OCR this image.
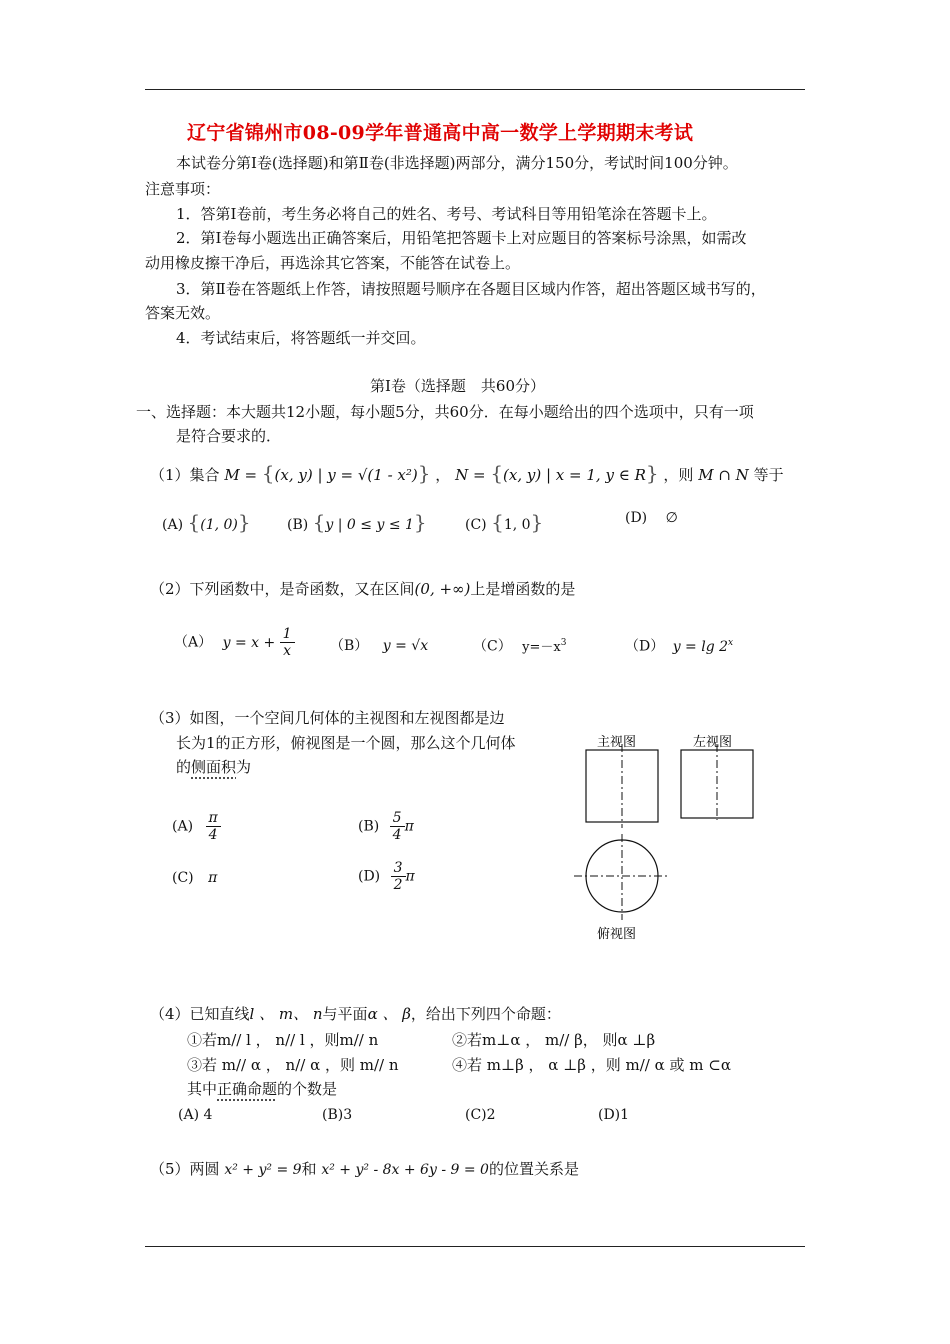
辽宁省锦州市08-09学年普通高中高一数学上学期期末考试
本试卷分第Ⅰ卷(选择题)和第Ⅱ卷(非选择题)两部分，满分150分，考试时间100分钟。
注意事项：
1．答第Ⅰ卷前，考生务必将自己的姓名、考号、考试科目等用铅笔涂在答题卡上。
2．第Ⅰ卷每小题选出正确答案后，用铅笔把答题卡上对应题目的答案标号涂黑，如需改
动用橡皮擦干净后，再选涂其它答案，不能答在试卷上。
3．第Ⅱ卷在答题纸上作答，请按照题号顺序在各题目区域内作答，超出答题区域书写的，
答案无效。
4．考试结束后，将答题纸一并交回。
第Ⅰ卷（选择题　共60分）
一、选择题：本大题共12小题，每小题5分，共60分．在每小题给出的四个选项中，只有一项
是符合要求的．
（1）集合 M = {(x, y) | y = √(1 - x²)} ， N = {(x, y) | x = 1, y ∈ R} ，则 M ∩ N 等于
(A) {(1, 0)}	(B) {y | 0 ≤ y ≤ 1}	(C) {1, 0}	(D) ∅
（2）下列函数中，是奇函数，又在区间(0, +∞)上是增函数的是
（A） $y = x + \frac{1}{x}$	（B） y = √x	（C） $y=-x^3$	（D） y = lg 2$^x$
（3）如图，一个空间几何体的主视图和左视图都是边
长为1的正方形，俯视图是一个圆，那么这个几何体
的侧面积为
$(A) \frac{\pi}{4}$	$(B) \frac{5}{4}$ π
(C) π	$(D) \frac{3}{2}$ π
主视图	左视图
俯视图
（4）已知直线l 、 m、 n与平面α 、 β，给出下列四个命题：
①若m// l ， n// l ，则m// n	②若m⊥α ， m// β， 则α ⊥β
③若 m// α ， n// α ，则 m// n	④若 m⊥β ， α ⊥β ，则 m// α 或 m ⊂α
其中正确命题的个数是
(A) 4	(B)3	(C)2	(D)1
（5）两圆 x² + y² = 9和 x² + y² - 8x + 6y - 9 = 0的位置关系是
